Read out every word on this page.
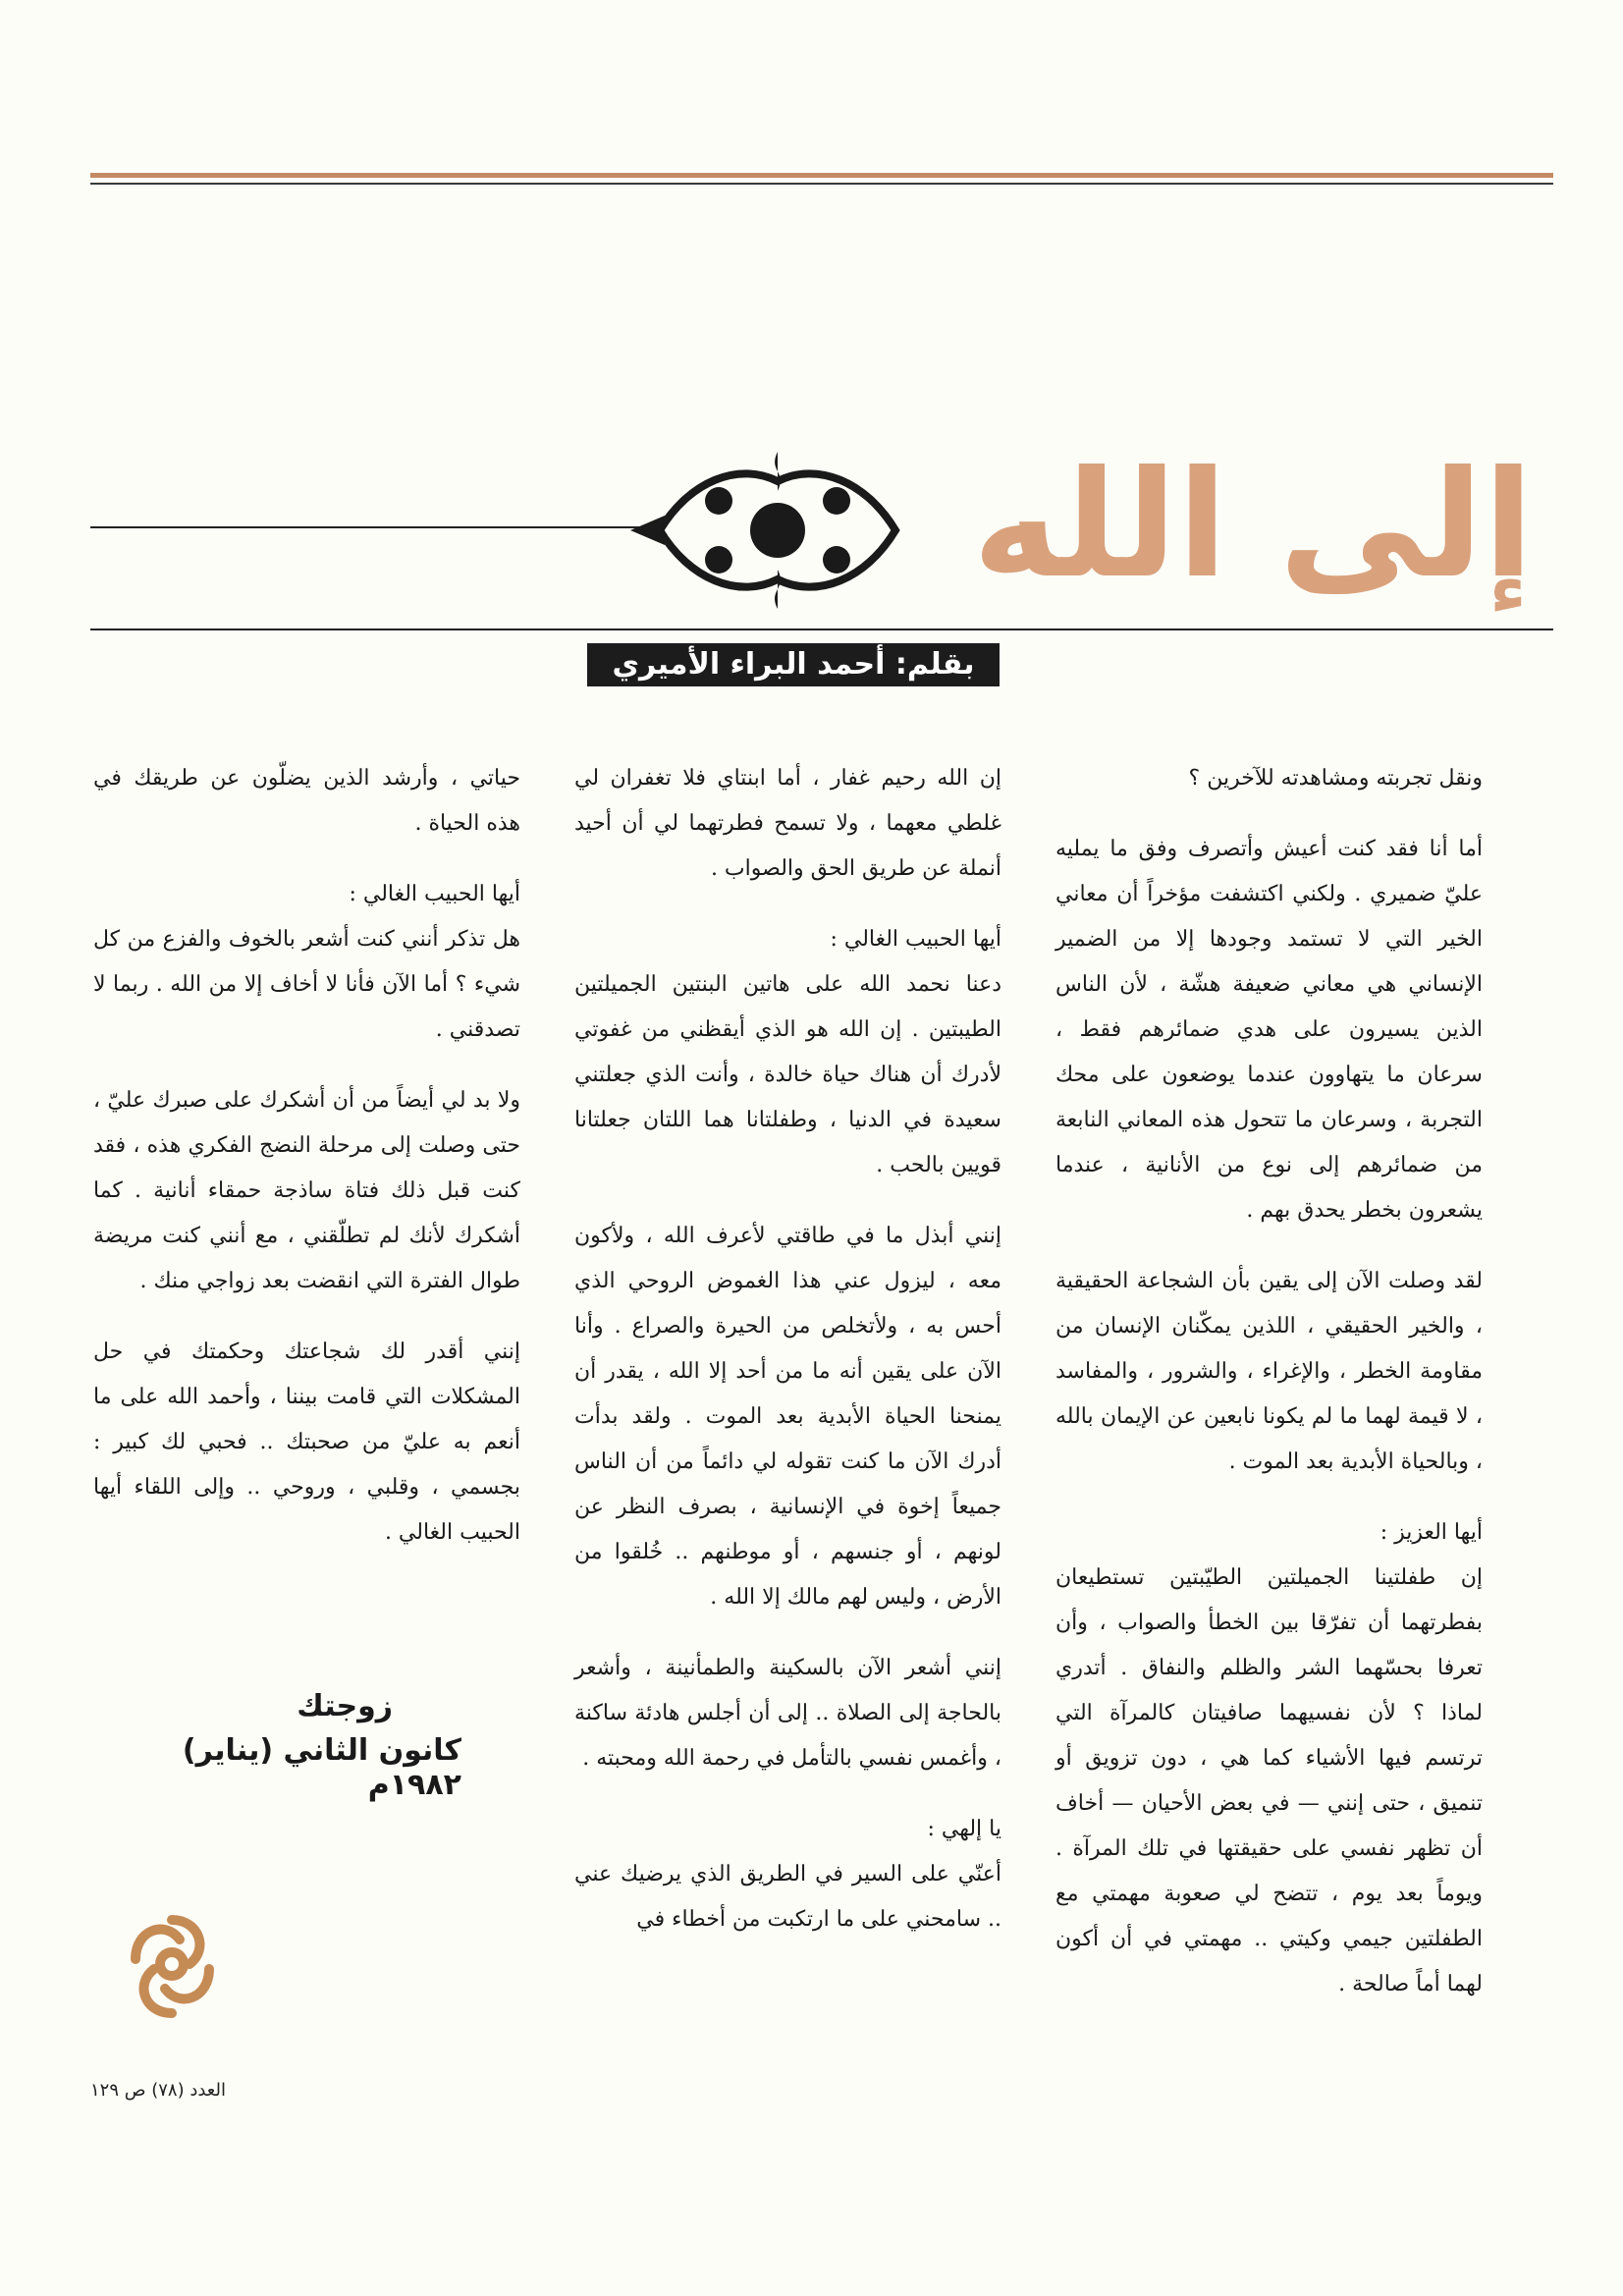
إلى الله
بقلم: أحمد البراء الأميري

ونقل تجربته ومشاهدته للآخرين ؟

أما أنا فقد كنت أعيش وأتصرف وفق ما يمليه عليّ ضميري . ولكني اكتشفت مؤخراً أن معاني الخير التي لا تستمد وجودها إلا من الضمير الإنساني هي معاني ضعيفة هشّة ، لأن الناس الذين يسيرون على هدي ضمائرهم فقط ، سرعان ما يتهاوون عندما يوضعون على محك التجربة ، وسرعان ما تتحول هذه المعاني النابعة من ضمائرهم إلى نوع من الأنانية ، عندما يشعرون بخطر يحدق بهم .

لقد وصلت الآن إلى يقين بأن الشجاعة الحقيقية ، والخير الحقيقي ، اللذين يمكّنان الإنسان من مقاومة الخطر ، والإغراء ، والشرور ، والمفاسد ، لا قيمة لهما ما لم يكونا نابعين عن الإيمان بالله ، وبالحياة الأبدية بعد الموت .

أيها العزيز :

إن طفلتينا الجميلتين الطيّبتين تستطيعان بفطرتهما أن تفرّقا بين الخطأ والصواب ، وأن تعرفا بحسّهما الشر والظلم والنفاق . أتدري لماذا ؟ لأن نفسيهما صافيتان كالمرآة التي ترتسم فيها الأشياء كما هي ، دون تزويق أو تنميق ، حتى إنني — في بعض الأحيان — أخاف أن تظهر نفسي على حقيقتها في تلك المرآة . ويوماً بعد يوم ، تتضح لي صعوبة مهمتي مع الطفلتين جيمي وكيتي .. مهمتي في أن أكون لهما أماً صالحة .

إن الله رحيم غفار ، أما ابنتاي فلا تغفران لي غلطي معهما ، ولا تسمح فطرتهما لي أن أحيد أنملة عن طريق الحق والصواب .

أيها الحبيب الغالي :

دعنا نحمد الله على هاتين البنتين الجميلتين الطيبتين . إن الله هو الذي أيقظني من غفوتي لأدرك أن هناك حياة خالدة ، وأنت الذي جعلتني سعيدة في الدنيا ، وطفلتانا هما اللتان جعلتانا قويين بالحب .

إنني أبذل ما في طاقتي لأعرف الله ، ولأكون معه ، ليزول عني هذا الغموض الروحي الذي أحس به ، ولأتخلص من الحيرة والصراع . وأنا الآن على يقين أنه ما من أحد إلا الله ، يقدر أن يمنحنا الحياة الأبدية بعد الموت . ولقد بدأت أدرك الآن ما كنت تقوله لي دائماً من أن الناس جميعاً إخوة في الإنسانية ، بصرف النظر عن لونهم ، أو جنسهم ، أو موطنهم .. خُلقوا من الأرض ، وليس لهم مالك إلا الله .

إنني أشعر الآن بالسكينة والطمأنينة ، وأشعر بالحاجة إلى الصلاة .. إلى أن أجلس هادئة ساكنة ، وأغمس نفسي بالتأمل في رحمة الله ومحبته .

يا إلهي :

أعنّي على السير في الطريق الذي يرضيك عني .. سامحني على ما ارتكبت من أخطاء في

حياتي ، وأرشد الذين يضلّون عن طريقك في هذه الحياة .

أيها الحبيب الغالي :

هل تذكر أنني كنت أشعر بالخوف والفزع من كل شيء ؟ أما الآن فأنا لا أخاف إلا من الله . ربما لا تصدقني .

ولا بد لي أيضاً من أن أشكرك على صبرك عليّ ، حتى وصلت إلى مرحلة النضج الفكري هذه ، فقد كنت قبل ذلك فتاة ساذجة حمقاء أنانية . كما أشكرك لأنك لم تطلّقني ، مع أنني كنت مريضة طوال الفترة التي انقضت بعد زواجي منك .

إنني أقدر لك شجاعتك وحكمتك في حل المشكلات التي قامت بيننا ، وأحمد الله على ما أنعم به عليّ من صحبتك .. فحبي لك كبير : بجسمي ، وقلبي ، وروحي .. وإلى اللقاء أيها الحبيب الغالي .

زوجتك
كانون الثاني (يناير) ١٩٨٢م
العدد (٧٨) ص ١٢٩
